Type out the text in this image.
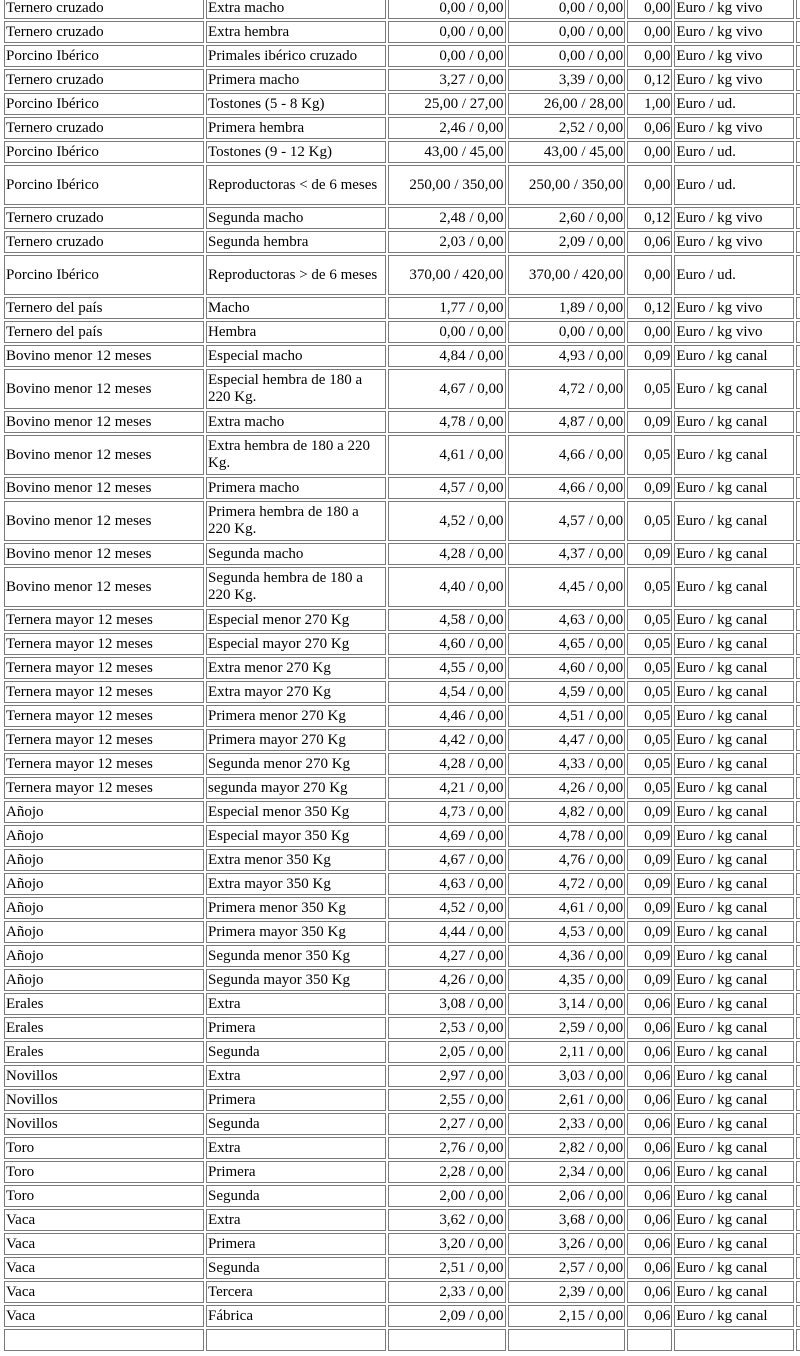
Ternero cruzado	Extra macho	0,00 / 0,00	0,00 / 0,00	0,00	Euro / kg vivo	
Ternero cruzado	Extra hembra	0,00 / 0,00	0,00 / 0,00	0,00	Euro / kg vivo	
Porcino Ibérico	Primales ibérico cruzado	0,00 / 0,00	0,00 / 0,00	0,00	Euro / kg vivo	
Ternero cruzado	Primera macho	3,27 / 0,00	3,39 / 0,00	0,12	Euro / kg vivo	
Porcino Ibérico	Tostones (5 - 8 Kg)	25,00 / 27,00	26,00 / 28,00	1,00	Euro / ud.	
Ternero cruzado	Primera hembra	2,46 / 0,00	2,52 / 0,00	0,06	Euro / kg vivo	
Porcino Ibérico	Tostones (9 - 12 Kg)	43,00 / 45,00	43,00 / 45,00	0,00	Euro / ud.	
Porcino Ibérico	Reproductoras < de 6 meses	250,00 / 350,00	250,00 / 350,00	0,00	Euro / ud.	
Ternero cruzado	Segunda macho	2,48 / 0,00	2,60 / 0,00	0,12	Euro / kg vivo	
Ternero cruzado	Segunda hembra	2,03 / 0,00	2,09 / 0,00	0,06	Euro / kg vivo	
Porcino Ibérico	Reproductoras > de 6 meses	370,00 / 420,00	370,00 / 420,00	0,00	Euro / ud.	
Ternero del país	Macho	1,77 / 0,00	1,89 / 0,00	0,12	Euro / kg vivo	
Ternero del país	Hembra	0,00 / 0,00	0,00 / 0,00	0,00	Euro / kg vivo	
Bovino menor 12 meses	Especial macho	4,84 / 0,00	4,93 / 0,00	0,09	Euro / kg canal	
Bovino menor 12 meses	Especial hembra de 180 a 220 Kg.	4,67 / 0,00	4,72 / 0,00	0,05	Euro / kg canal	
Bovino menor 12 meses	Extra macho	4,78 / 0,00	4,87 / 0,00	0,09	Euro / kg canal	
Bovino menor 12 meses	Extra hembra de 180 a 220 Kg.	4,61 / 0,00	4,66 / 0,00	0,05	Euro / kg canal	
Bovino menor 12 meses	Primera macho	4,57 / 0,00	4,66 / 0,00	0,09	Euro / kg canal	
Bovino menor 12 meses	Primera hembra de 180 a 220 Kg.	4,52 / 0,00	4,57 / 0,00	0,05	Euro / kg canal	
Bovino menor 12 meses	Segunda macho	4,28 / 0,00	4,37 / 0,00	0,09	Euro / kg canal	
Bovino menor 12 meses	Segunda hembra de 180 a 220 Kg.	4,40 / 0,00	4,45 / 0,00	0,05	Euro / kg canal	
Ternera mayor 12 meses	Especial menor 270 Kg	4,58 / 0,00	4,63 / 0,00	0,05	Euro / kg canal	
Ternera mayor 12 meses	Especial mayor 270 Kg	4,60 / 0,00	4,65 / 0,00	0,05	Euro / kg canal	
Ternera mayor 12 meses	Extra menor 270 Kg	4,55 / 0,00	4,60 / 0,00	0,05	Euro / kg canal	
Ternera mayor 12 meses	Extra mayor 270 Kg	4,54 / 0,00	4,59 / 0,00	0,05	Euro / kg canal	
Ternera mayor 12 meses	Primera menor 270 Kg	4,46 / 0,00	4,51 / 0,00	0,05	Euro / kg canal	
Ternera mayor 12 meses	Primera mayor 270 Kg	4,42 / 0,00	4,47 / 0,00	0,05	Euro / kg canal	
Ternera mayor 12 meses	Segunda menor 270 Kg	4,28 / 0,00	4,33 / 0,00	0,05	Euro / kg canal	
Ternera mayor 12 meses	segunda mayor 270 Kg	4,21 / 0,00	4,26 / 0,00	0,05	Euro / kg canal	
Añojo	Especial menor 350 Kg	4,73 / 0,00	4,82 / 0,00	0,09	Euro / kg canal	
Añojo	Especial mayor 350 Kg	4,69 / 0,00	4,78 / 0,00	0,09	Euro / kg canal	
Añojo	Extra menor 350 Kg	4,67 / 0,00	4,76 / 0,00	0,09	Euro / kg canal	
Añojo	Extra mayor 350 Kg	4,63 / 0,00	4,72 / 0,00	0,09	Euro / kg canal	
Añojo	Primera menor 350 Kg	4,52 / 0,00	4,61 / 0,00	0,09	Euro / kg canal	
Añojo	Primera mayor 350 Kg	4,44 / 0,00	4,53 / 0,00	0,09	Euro / kg canal	
Añojo	Segunda menor 350 Kg	4,27 / 0,00	4,36 / 0,00	0,09	Euro / kg canal	
Añojo	Segunda mayor 350 Kg	4,26 / 0,00	4,35 / 0,00	0,09	Euro / kg canal	
Erales	Extra	3,08 / 0,00	3,14 / 0,00	0,06	Euro / kg canal	
Erales	Primera	2,53 / 0,00	2,59 / 0,00	0,06	Euro / kg canal	
Erales	Segunda	2,05 / 0,00	2,11 / 0,00	0,06	Euro / kg canal	
Novillos	Extra	2,97 / 0,00	3,03 / 0,00	0,06	Euro / kg canal	
Novillos	Primera	2,55 / 0,00	2,61 / 0,00	0,06	Euro / kg canal	
Novillos	Segunda	2,27 / 0,00	2,33 / 0,00	0,06	Euro / kg canal	
Toro	Extra	2,76 / 0,00	2,82 / 0,00	0,06	Euro / kg canal	
Toro	Primera	2,28 / 0,00	2,34 / 0,00	0,06	Euro / kg canal	
Toro	Segunda	2,00 / 0,00	2,06 / 0,00	0,06	Euro / kg canal	
Vaca	Extra	3,62 / 0,00	3,68 / 0,00	0,06	Euro / kg canal	
Vaca	Primera	3,20 / 0,00	3,26 / 0,00	0,06	Euro / kg canal	
Vaca	Segunda	2,51 / 0,00	2,57 / 0,00	0,06	Euro / kg canal	
Vaca	Tercera	2,33 / 0,00	2,39 / 0,00	0,06	Euro / kg canal	
Vaca	Fábrica	2,09 / 0,00	2,15 / 0,00	0,06	Euro / kg canal	
